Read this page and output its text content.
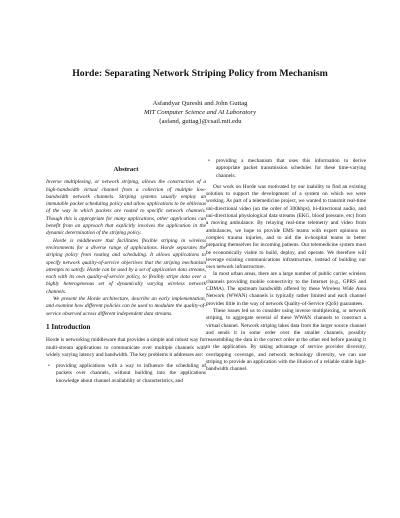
Horde: Separating Network Striping Policy from Mechanism
Asfandyar Qureshi and John Guttag
MIT Computer Science and AI Laboratory
{asfand, guttag}@csail.mit.edu
Abstract

Inverse multiplexing, or network striping, allows the construction of a high-bandwidth virtual channel from a collection of multiple low-bandwidth network channels. Striping systems usually employ an immutable packet scheduling policy and allow applications to be oblivious of the way in which packets are routed to specific network channels. Though this is appropriate for many applications, other applications can benefit from an approach that explicitly involves the application in the dynamic determination of the striping policy.

Horde is middleware that facilitates flexible striping in wireless environments for a diverse range of applications. Horde separates the striping policy from routing and scheduling. It allows applications to specify network quality-of-service objectives that the striping mechanism attempts to satisfy. Horde can be used by a set of application data streams, each with its own quality-of-service policy, to flexibly stripe data over a highly heterogeneous set of dynamically varying wireless network channels.

We present the Horde architecture, describe an early implementation, and examine how different policies can be used to modulate the quality-of-service observed across different independent data streams.

1 Introduction

Horde is networking middleware that provides a simple and robust way for multi-stream applications to communicate over multiple channels with widely varying latency and bandwidth. The key problems it addresses are:

• providing applications with a way to influence the scheduling of packets over channels, without building into the applications knowledge about channel availability or characteristics, and
• providing a mechanism that uses this information to derive appropriate packet transmission schedules for these time-varying channels.

Our work on Horde was motivated by our inability to find an existing solution to support the development of a system on which we were working. As part of a telemedicine project, we wanted to transmit real-time uni-directional video (on the order of 300kbps), bi-directional audio, and uni-directional physiological data streams (EKG, blood pressure, etc) from a moving ambulance. By relaying real-time telemetry and video from ambulances, we hope to provide EMS teams with expert opinions on complex trauma injuries, and to aid the in-hospital teams in better preparing themselves for incoming patients. Our telemedicine system must be economically viable to build, deploy, and operate. We therefore will leverage existing communications infrastructure, instead of building our own network infrastructure.

In most urban areas, there are a large number of public carrier wireless channels providing mobile connectivity to the Internet (e.g., GPRS and CDMA). The upstream bandwidth offered by these Wireless Wide Area Network (WWAN) channels is typically rather limited and each channel provides little in the way of network Quality-of-Service (QoS) guarantees.

These issues led us to consider using inverse multiplexing, or network striping, to aggregate several of these WWAN channels to construct a virtual channel. Network striping takes data from the larger source channel and sends it in some order over the smaller channels, possibly reassembling the data in the correct order at the other end before passing it to the application. By taking advantage of service provider diversity, overlapping coverage, and network technology diversity, we can use striping to provide an application with the illusion of a reliable stable high-bandwidth channel.
